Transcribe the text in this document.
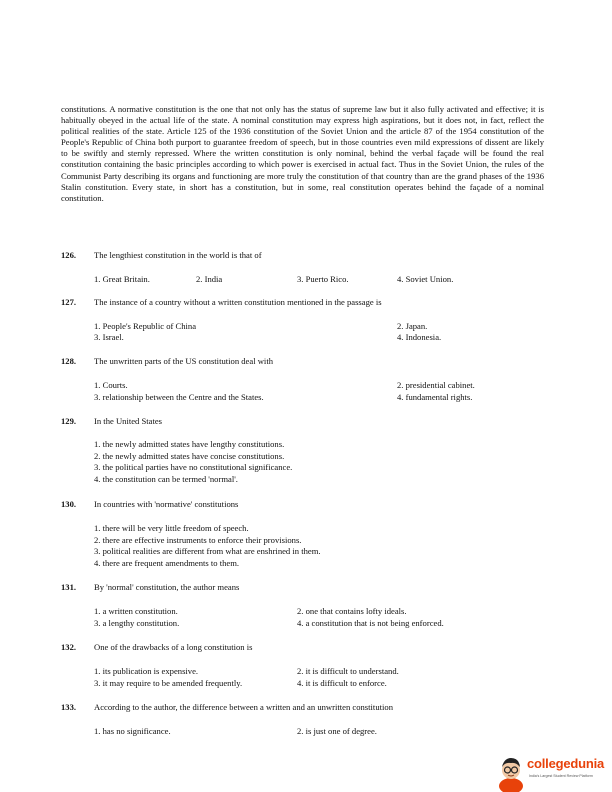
constitutions. A normative constitution is the one that not only has the status of supreme law but it also fully activated and effective; it is habitually obeyed in the actual life of the state. A nominal constitution may express high aspirations, but it does not, in fact, reflect the political realities of the state. Article 125 of the 1936 constitution of the Soviet Union and the article 87 of the 1954 constitution of the People's Republic of China both purport to guarantee freedom of speech, but in those countries even mild expressions of dissent are likely to be swiftly and sternly repressed. Where the written constitution is only nominal, behind the verbal façade will be found the real constitution containing the basic principles according to which power is exercised in actual fact. Thus in the Soviet Union, the rules of the Communist Party describing its organs and functioning are more truly the constitution of that country than are the grand phases of the 1936 Stalin constitution. Every state, in short has a constitution, but in some, real constitution operates behind the façade of a nominal constitution.

126. The lengthiest constitution in the world is that of
1. Great Britain.	2. India	3. Puerto Rico.	4. Soviet Union.
127. The instance of a country without a written constitution mentioned in the passage is
1. People's Republic of China	2. Japan.
3. Israel.	4. Indonesia.
128. The unwritten parts of the US constitution deal with
1. Courts.	2. presidential cabinet.
3. relationship between the Centre and the States.	4. fundamental rights.
129. In the United States
1. the newly admitted states have lengthy constitutions.
2. the newly admitted states have concise constitutions.
3. the political parties have no constitutional significance.
4. the constitution can be termed 'normal'.
130. In countries with 'normative' constitutions
1. there will be very little freedom of speech.
2. there are effective instruments to enforce their provisions.
3. political realities are different from what are enshrined in them.
4. there are frequent amendments to them.
131. By 'normal' constitution, the author means
1. a written constitution.	2. one that contains lofty ideals.
3. a lengthy constitution.	4. a constitution that is not being enforced.
132. One of the drawbacks of a long constitution is
1. its publication is expensive.	2. it is difficult to understand.
3. it may require to be amended frequently.	4. it is difficult to enforce.
133. According to the author, the difference between a written and an unwritten constitution
1. has no significance.	2. is just one of degree.
collegedunia
India's Largest Student Review Platform
